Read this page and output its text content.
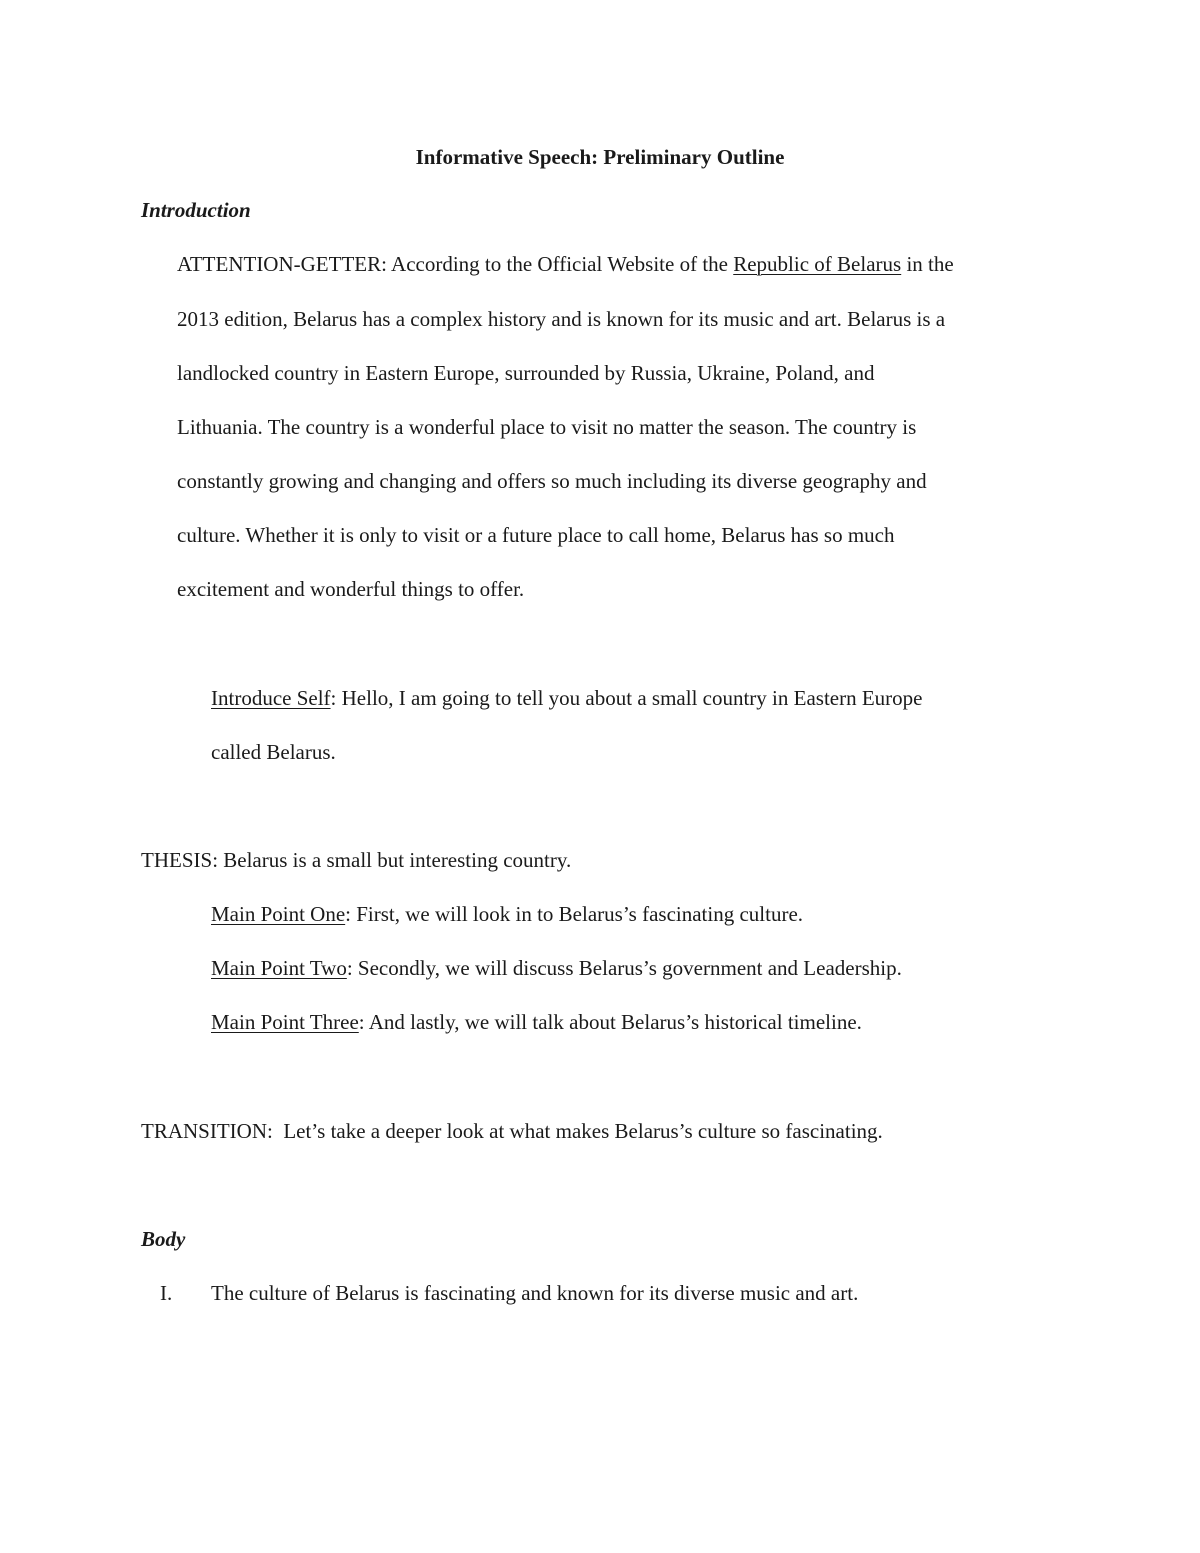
Informative Speech: Preliminary Outline
Introduction
ATTENTION-GETTER: According to the Official Website of the Republic of Belarus in the
2013 edition, Belarus has a complex history and is known for its music and art. Belarus is a
landlocked country in Eastern Europe, surrounded by Russia, Ukraine, Poland, and
Lithuania. The country is a wonderful place to visit no matter the season. The country is
constantly growing and changing and offers so much including its diverse geography and
culture. Whether it is only to visit or a future place to call home, Belarus has so much
excitement and wonderful things to offer.
Introduce Self: Hello, I am going to tell you about a small country in Eastern Europe
called Belarus.
THESIS: Belarus is a small but interesting country.
Main Point One: First, we will look in to Belarus’s fascinating culture.
Main Point Two: Secondly, we will discuss Belarus’s government and Leadership.
Main Point Three: And lastly, we will talk about Belarus’s historical timeline.
TRANSITION:  Let’s take a deeper look at what makes Belarus’s culture so fascinating.
Body
I. The culture of Belarus is fascinating and known for its diverse music and art.
